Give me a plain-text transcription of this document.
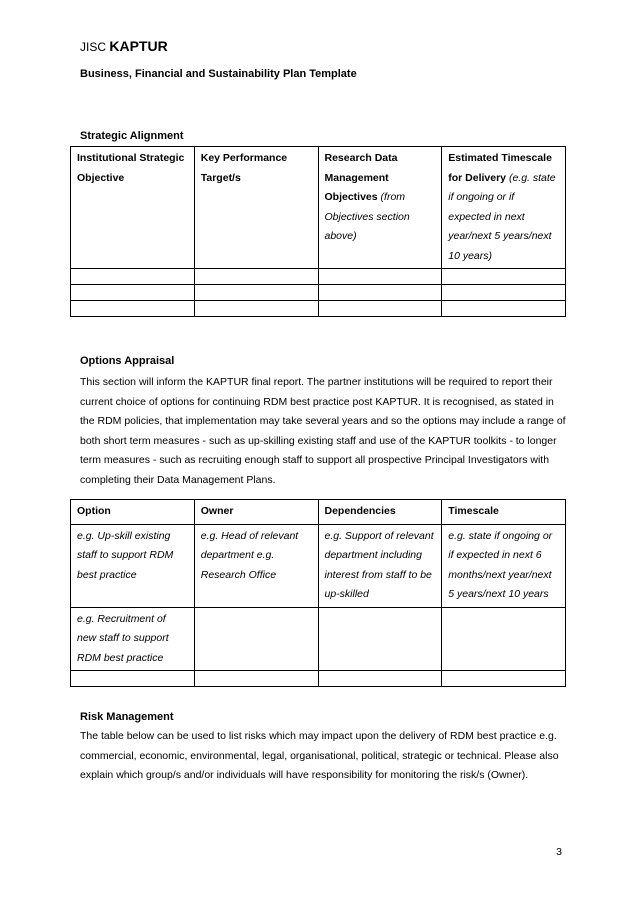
JISC KAPTUR
Business, Financial and Sustainability Plan Template
Strategic Alignment
Institutional Strategic Objective	Key Performance Target/s	Research Data Management Objectives (from Objectives section above)	Estimated Timescale for Delivery (e.g. state if ongoing or if expected in next year/next 5 years/next 10 years)

Options Appraisal
This section will inform the KAPTUR final report. The partner institutions will be required to report their current choice of options for continuing RDM best practice post KAPTUR. It is recognised, as stated in the RDM policies, that implementation may take several years and so the options may include a range of both short term measures - such as up-skilling existing staff and use of the KAPTUR toolkits - to longer term measures - such as recruiting enough staff to support all prospective Principal Investigators with completing their Data Management Plans.
Option	Owner	Dependencies	Timescale
e.g. Up-skill existing staff to support RDM best practice	e.g. Head of relevant department e.g. Research Office	e.g. Support of relevant department including interest from staff to be up-skilled	e.g. state if ongoing or if expected in next 6 months/next year/next 5 years/next 10 years
e.g. Recruitment of new staff to support RDM best practice			

Risk Management
The table below can be used to list risks which may impact upon the delivery of RDM best practice e.g. commercial, economic, environmental, legal, organisational, political, strategic or technical. Please also explain which group/s and/or individuals will have responsibility for monitoring the risk/s (Owner).
3
